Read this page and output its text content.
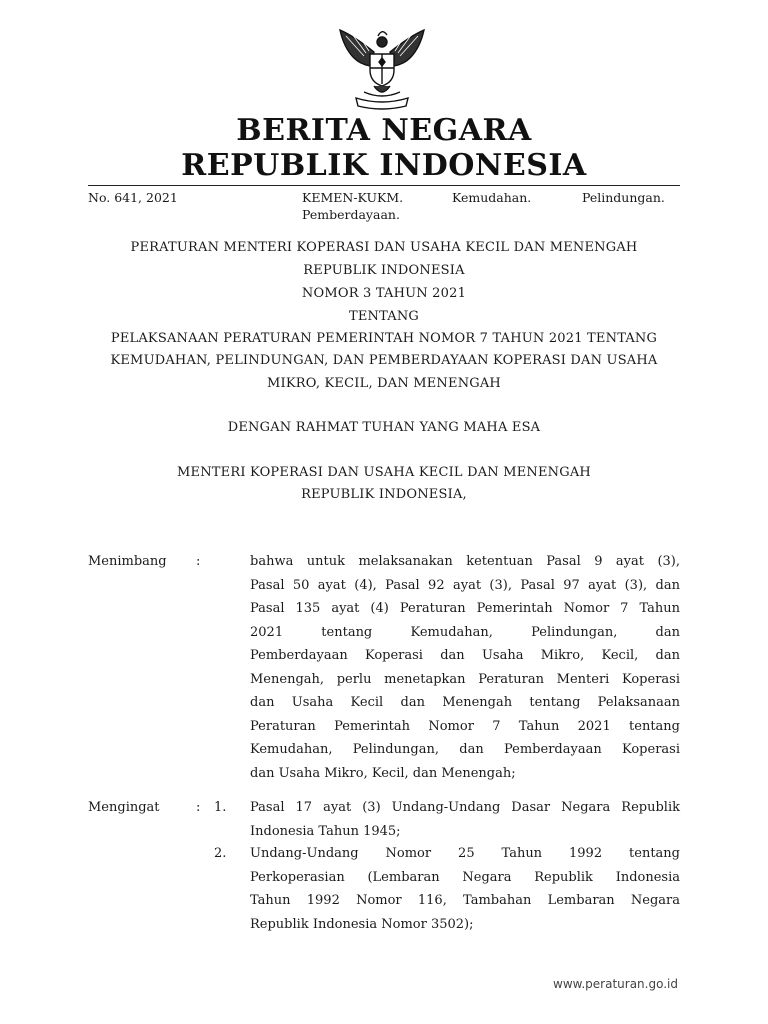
BERITA NEGARA
REPUBLIK INDONESIA
No. 641, 2021	KEMEN-KUKM.	Kemudahan.	Pelindungan.
Pemberdayaan.
PERATURAN MENTERI KOPERASI DAN USAHA KECIL DAN MENENGAH
REPUBLIK INDONESIA
NOMOR 3 TAHUN 2021
TENTANG
PELAKSANAAN PERATURAN PEMERINTAH NOMOR 7 TAHUN 2021 TENTANG
KEMUDAHAN, PELINDUNGAN, DAN PEMBERDAYAAN KOPERASI DAN USAHA
MIKRO, KECIL, DAN MENENGAH
DENGAN RAHMAT TUHAN YANG MAHA ESA
MENTERI KOPERASI DAN USAHA KECIL DAN MENENGAH
REPUBLIK INDONESIA,
Menimbang :	bahwa untuk melaksanakan ketentuan Pasal 9 ayat (3),
Pasal 50 ayat (4), Pasal 92 ayat (3), Pasal 97 ayat (3), dan
Pasal 135 ayat (4) Peraturan Pemerintah Nomor 7 Tahun
2021 tentang Kemudahan, Pelindungan, dan
Pemberdayaan Koperasi dan Usaha Mikro, Kecil, dan
Menengah, perlu menetapkan Peraturan Menteri Koperasi
dan Usaha Kecil dan Menengah tentang Pelaksanaan
Peraturan Pemerintah Nomor 7 Tahun 2021 tentang
Kemudahan, Pelindungan, dan Pemberdayaan Koperasi
dan Usaha Mikro, Kecil, dan Menengah;
Mengingat	: 1. Pasal 17 ayat (3) Undang-Undang Dasar Negara Republik
Indonesia Tahun 1945;
2. Undang-Undang Nomor 25 Tahun 1992 tentang
Perkoperasian (Lembaran Negara Republik Indonesia
Tahun 1992 Nomor 116, Tambahan Lembaran Negara
Republik Indonesia Nomor 3502);
www.peraturan.go.id
